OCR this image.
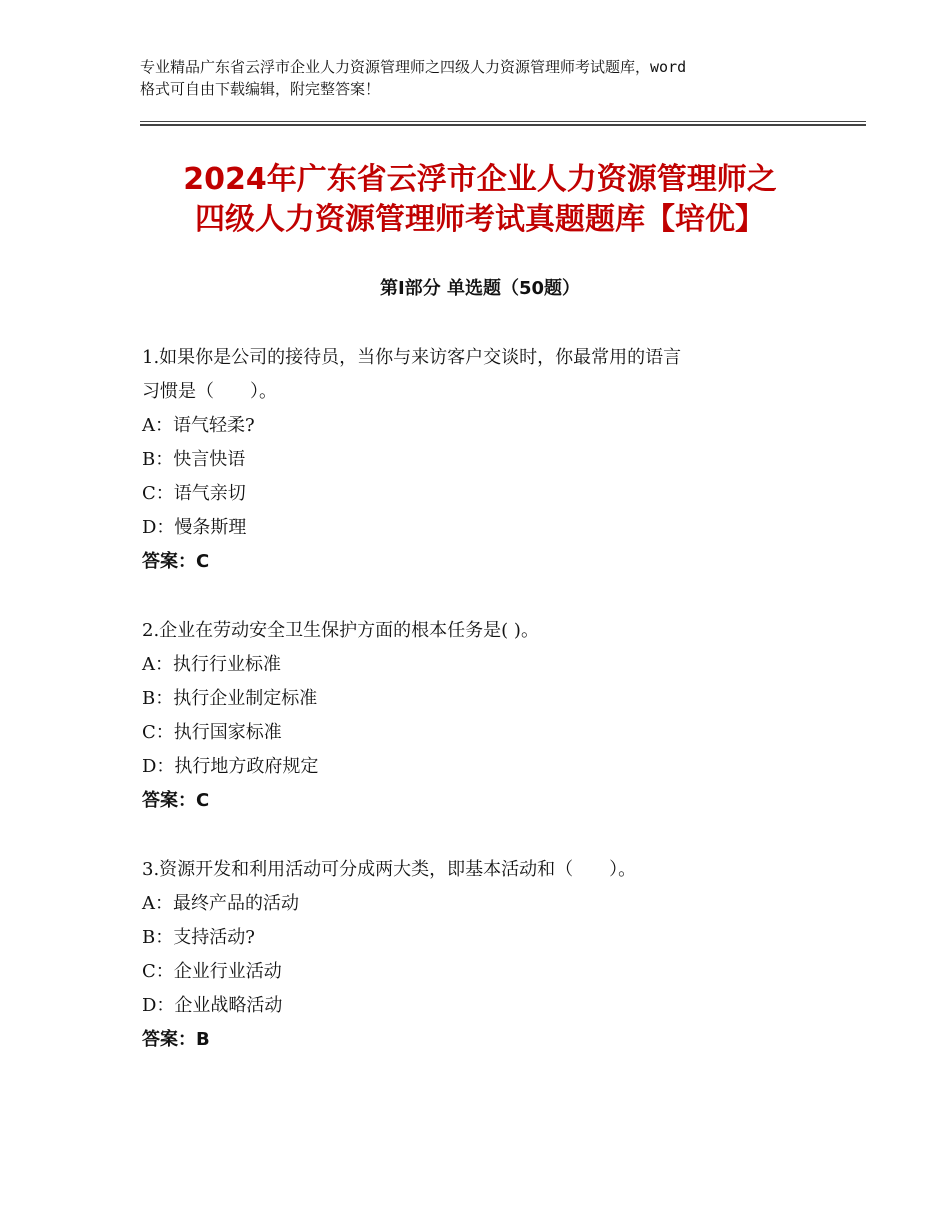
专业精品广东省云浮市企业人力资源管理师之四级人力资源管理师考试题库，word
格式可自由下载编辑，附完整答案！
2024年广东省云浮市企业人力资源管理师之
四级人力资源管理师考试真题题库【培优】
第I部分 单选题（50题）
1.如果你是公司的接待员，当你与来访客户交谈时，你最常用的语言
习惯是（　　）。
A：语气轻柔?
B：快言快语
C：语气亲切
D：慢条斯理
答案：C
2.企业在劳动安全卫生保护方面的根本任务是( )。
A：执行行业标准
B：执行企业制定标准
C：执行国家标准
D：执行地方政府规定
答案：C
3.资源开发和利用活动可分成两大类，即基本活动和（　　）。
A：最终产品的活动
B：支持活动?
C：企业行业活动
D：企业战略活动
答案：B
